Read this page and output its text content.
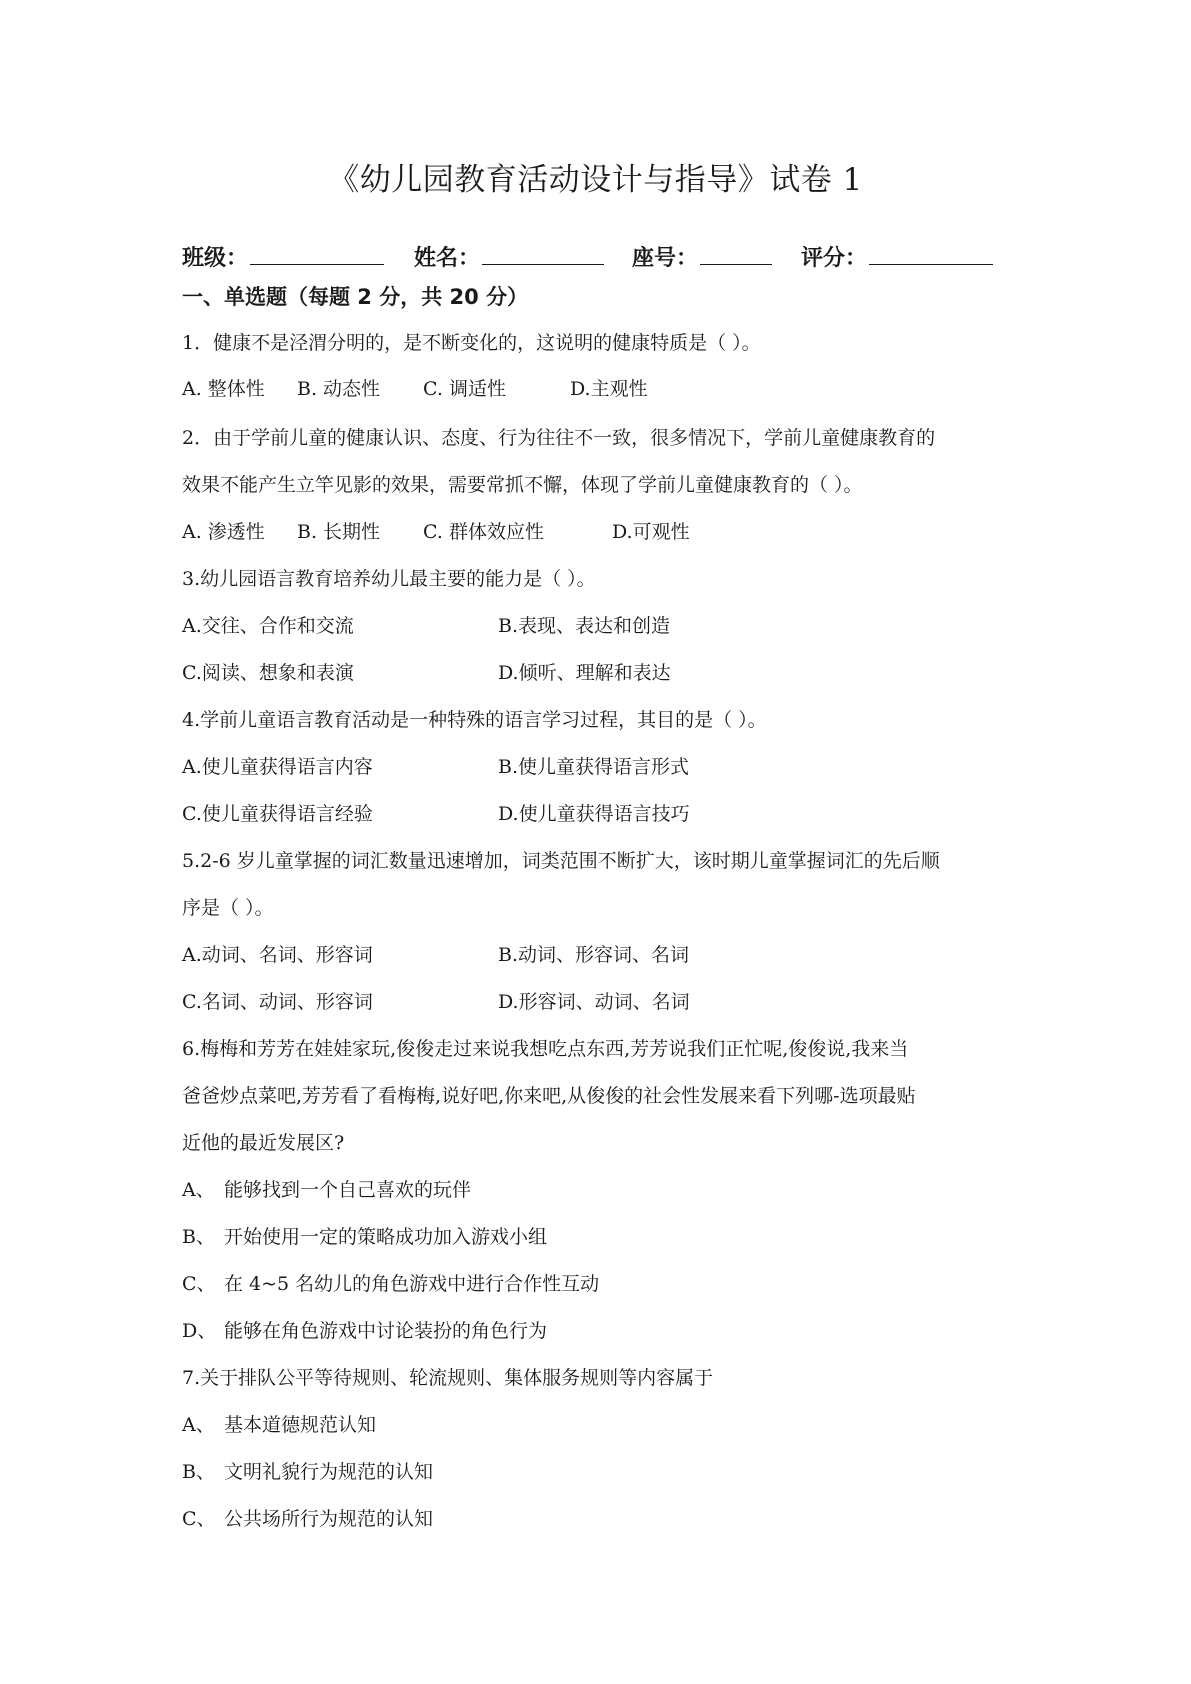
《幼儿园教育活动设计与指导》试卷 1
班级：	姓名：	座号：	评分：
一、单选题（每题 2 分，共 20 分）
1．健康不是泾渭分明的，是不断变化的，这说明的健康特质是（ ）。
A. 整体性 B. 动态性 C. 调适性	D.主观性
2．由于学前儿童的健康认识、态度、行为往往不一致，很多情况下，学前儿童健康教育的
效果不能产生立竿见影的效果，需要常抓不懈，体现了学前儿童健康教育的（ ）。
A. 渗透性 B. 长期性 C. 群体效应性	D.可观性
3.幼儿园语言教育培养幼儿最主要的能力是（ ）。
A.交往、合作和交流	B.表现、表达和创造
C.阅读、想象和表演	D.倾听、理解和表达
4.学前儿童语言教育活动是一种特殊的语言学习过程，其目的是（ ）。
A.使儿童获得语言内容	B.使儿童获得语言形式
C.使儿童获得语言经验	D.使儿童获得语言技巧
5.2-6 岁儿童掌握的词汇数量迅速增加，词类范围不断扩大，该时期儿童掌握词汇的先后顺
序是（ ）。
A.动词、名词、形容词	B.动词、形容词、名词
C.名词、动词、形容词	D.形容词、动词、名词
6.梅梅和芳芳在娃娃家玩,俊俊走过来说我想吃点东西,芳芳说我们正忙呢,俊俊说,我来当
爸爸炒点菜吧,芳芳看了看梅梅,说好吧,你来吧,从俊俊的社会性发展来看下列哪-选项最贴
近他的最近发展区?
A、 能够找到一个自己喜欢的玩伴
B、 开始使用一定的策略成功加入游戏小组
C、 在 4~5 名幼儿的角色游戏中进行合作性互动
D、 能够在角色游戏中讨论装扮的角色行为
7.关于排队公平等待规则、轮流规则、集体服务规则等内容属于
A、 基本道德规范认知
B、 文明礼貌行为规范的认知
C、 公共场所行为规范的认知
